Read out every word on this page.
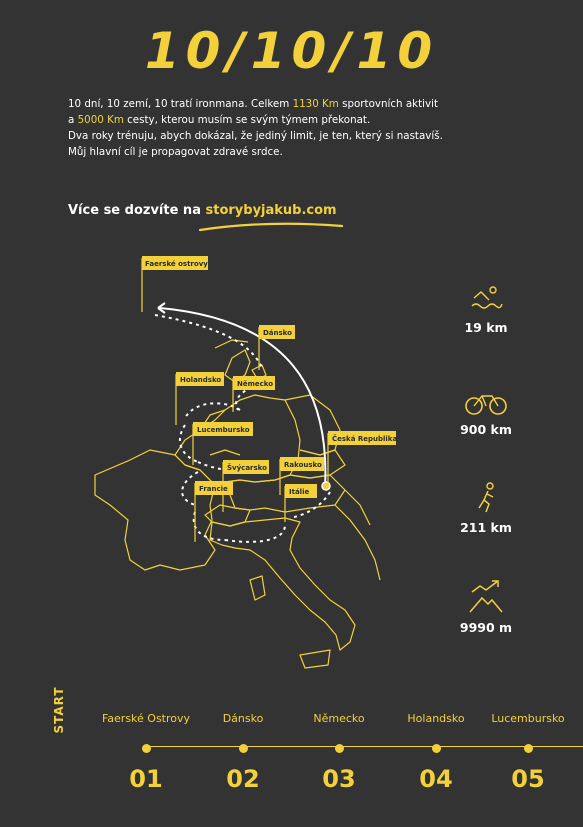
10/10/10
10 dní, 10 zemí, 10 tratí ironmana. Celkem 1130 Km sportovních aktivit
a 5000 Km cesty, kterou musím se svým týmem překonat.
Dva roky trénuju, abych dokázal, že jediný limit, je ten, který si nastavíš.
Můj hlavní cíl je propagovat zdravé srdce.
Více se dozvíte na storybyjakub.com
Faerské ostrovy
Dánsko
Holandsko Německo
Lucembursko
Česká Republika
Rakousko
Švýcarsko
Francie	Itálie
19 km
900 km
211 km
9990 m
START	Faerské Ostrovy
01
Dánsko
02
Německo
03
Holandsko
04
Lucembursko
05
